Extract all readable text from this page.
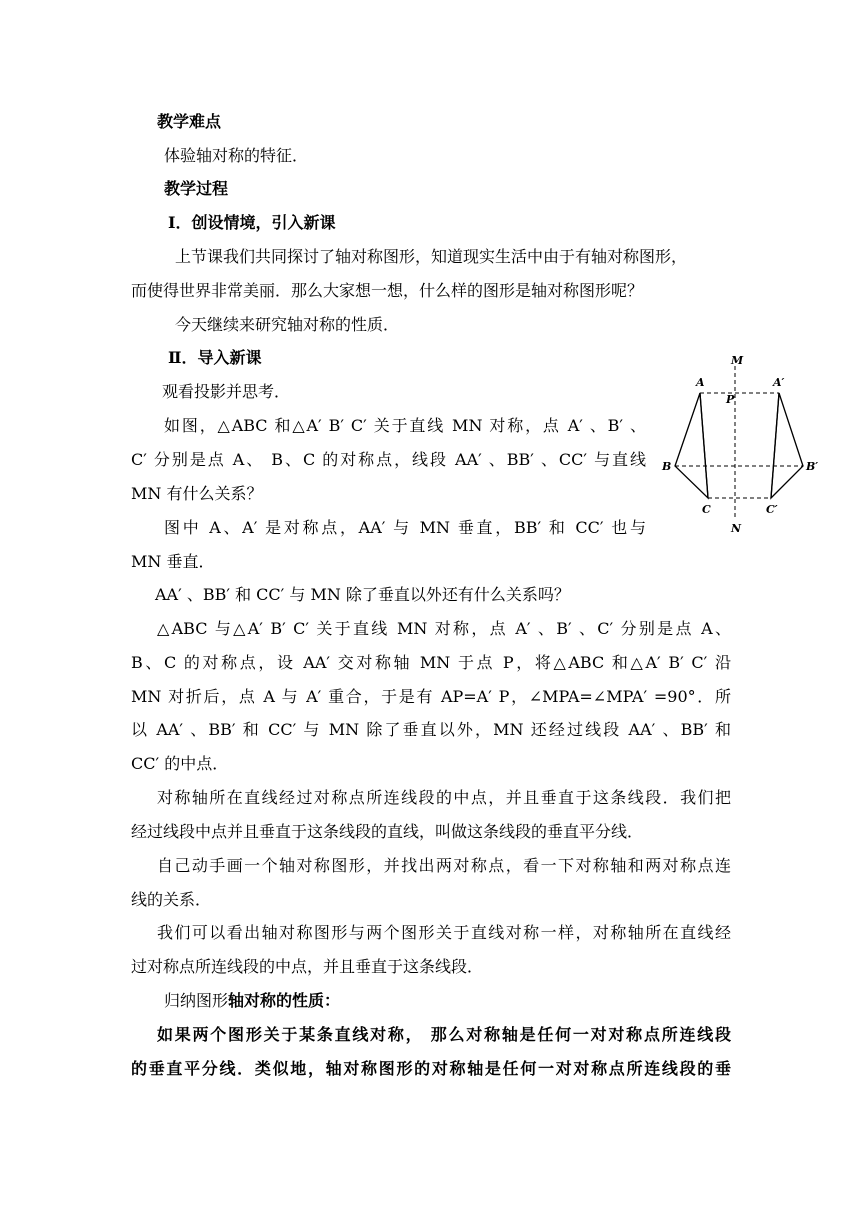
教学难点
体验轴对称的特征．
教学过程
Ⅰ．创设情境，引入新课
上节课我们共同探讨了轴对称图形，知道现实生活中由于有轴对称图形，
而使得世界非常美丽．那么大家想一想，什么样的图形是轴对称图形呢？
今天继续来研究轴对称的性质．
Ⅱ．导入新课
观看投影并思考．
如图，△ABC 和△A′ B′ C′ 关于直线 MN 对称，点 A′ 、B′ 、
C′ 分别是点 A、 B、C 的对称点，线段 AA′ 、BB′ 、CC′ 与直线
MN 有什么关系？
图中 A、A′ 是对称点，AA′ 与 MN 垂直，BB′ 和 CC′ 也与
MN 垂直．
AA′ 、BB′ 和 CC′ 与 MN 除了垂直以外还有什么关系吗？
△ABC 与△A′ B′ C′ 关于直线 MN 对称，点 A′ 、B′ 、C′ 分别是点 A、
B、C 的对称点，设 AA′ 交对称轴 MN 于点 P，将△ABC 和△A′ B′ C′ 沿
MN 对折后，点 A 与 A′ 重合，于是有 AP=A′ P，∠MPA=∠MPA′ =90°．所
以 AA′ 、BB′ 和 CC′ 与 MN 除了垂直以外，MN 还经过线段 AA′ 、BB′ 和
CC′ 的中点．
对称轴所在直线经过对称点所连线段的中点，并且垂直于这条线段．我们把
经过线段中点并且垂直于这条线段的直线，叫做这条线段的垂直平分线．
自己动手画一个轴对称图形，并找出两对称点，看一下对称轴和两对称点连
线的关系．
我们可以看出轴对称图形与两个图形关于直线对称一样，对称轴所在直线经
过对称点所连线段的中点，并且垂直于这条线段．
归纳图形轴对称的性质：
如果两个图形关于某条直线对称， 那么对称轴是任何一对对称点所连线段
的垂直平分线．类似地，轴对称图形的对称轴是任何一对对称点所连线段的垂
M
N
P
A	A′
B	B′
C	C′
